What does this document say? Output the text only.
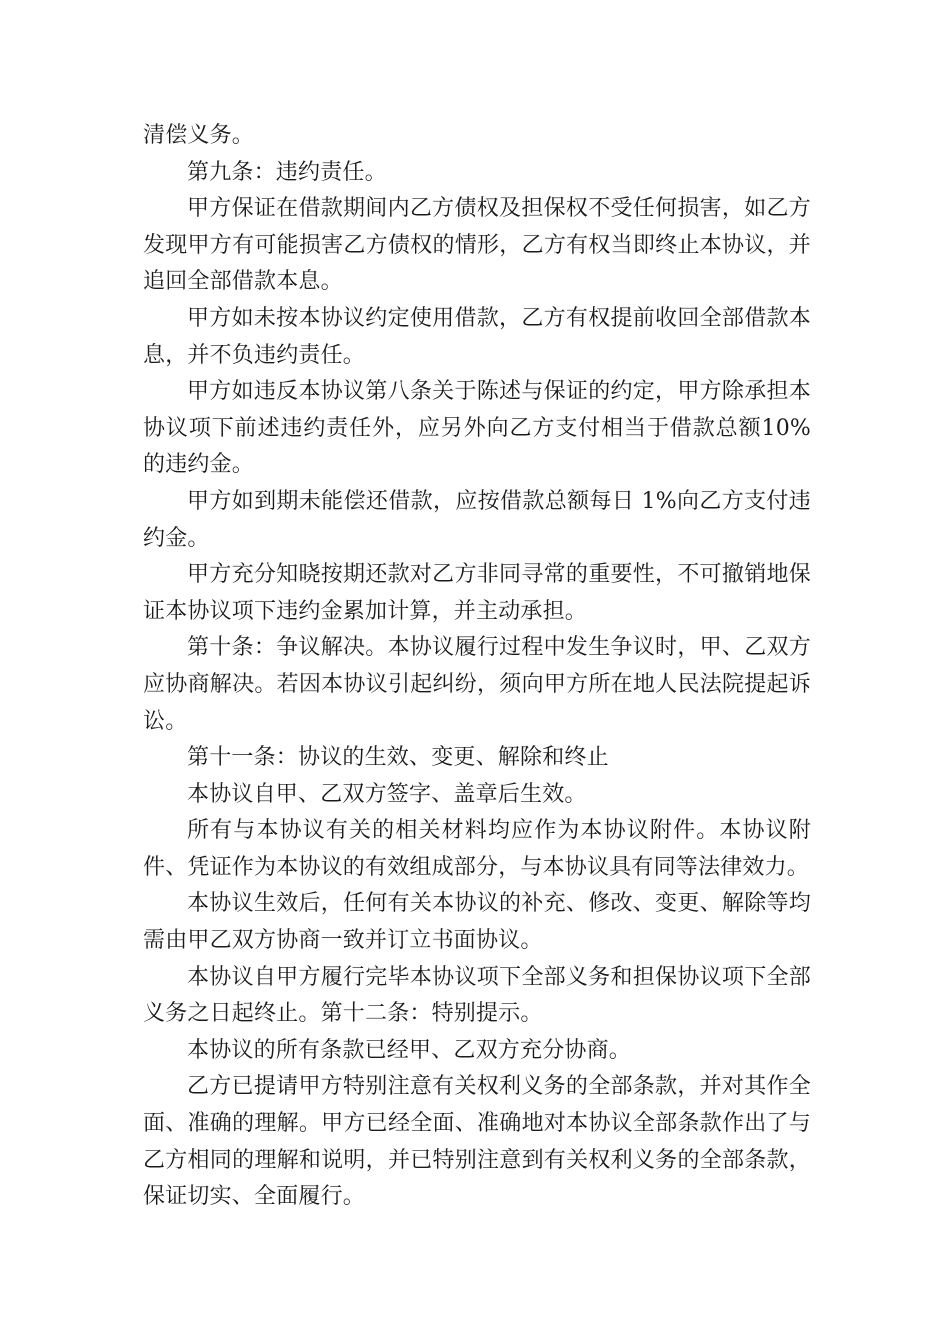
清偿义务。

第九条：违约责任。

甲方保证在借款期间内乙方债权及担保权不受任何损害，如乙方发现甲方有可能损害乙方债权的情形，乙方有权当即终止本协议，并追回全部借款本息。

甲方如未按本协议约定使用借款，乙方有权提前收回全部借款本息，并不负违约责任。

甲方如违反本协议第八条关于陈述与保证的约定，甲方除承担本协议项下前述违约责任外，应另外向乙方支付相当于借款总额10%的违约金。

甲方如到期未能偿还借款，应按借款总额每日 1%向乙方支付违约金。

甲方充分知晓按期还款对乙方非同寻常的重要性，不可撤销地保证本协议项下违约金累加计算，并主动承担。

第十条：争议解决。本协议履行过程中发生争议时，甲、乙双方应协商解决。若因本协议引起纠纷，须向甲方所在地人民法院提起诉讼。

第十一条：协议的生效、变更、解除和终止

本协议自甲、乙双方签字、盖章后生效。

所有与本协议有关的相关材料均应作为本协议附件。本协议附件、凭证作为本协议的有效组成部分，与本协议具有同等法律效力。

本协议生效后，任何有关本协议的补充、修改、变更、解除等均需由甲乙双方协商一致并订立书面协议。

本协议自甲方履行完毕本协议项下全部义务和担保协议项下全部义务之日起终止。第十二条：特别提示。

本协议的所有条款已经甲、乙双方充分协商。

乙方已提请甲方特别注意有关权利义务的全部条款，并对其作全面、准确的理解。甲方已经全面、准确地对本协议全部条款作出了与乙方相同的理解和说明，并已特别注意到有关权利义务的全部条款，保证切实、全面履行。
